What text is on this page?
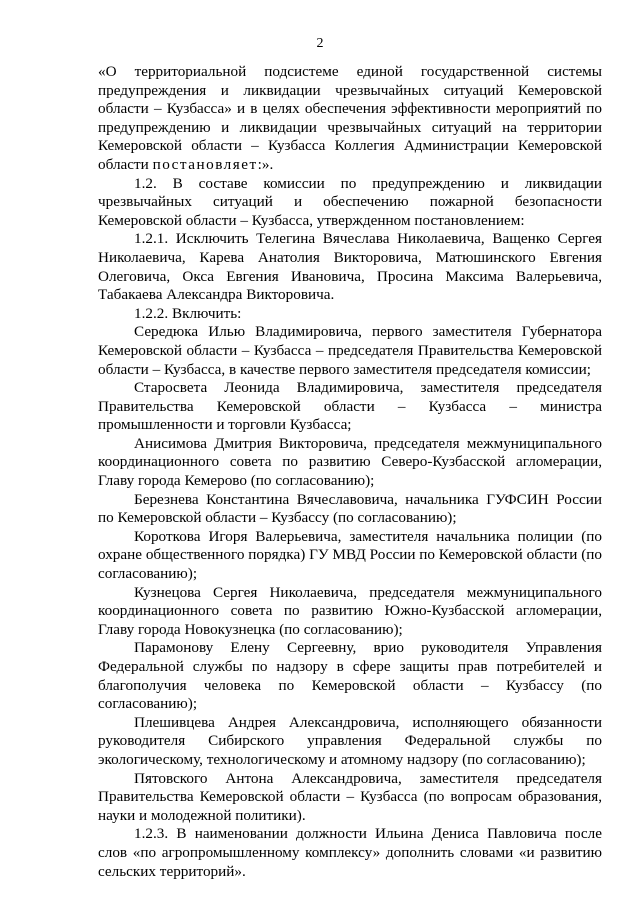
2

«О территориальной подсистеме единой государственной системы предупреждения и ликвидации чрезвычайных ситуаций Кемеровской области – Кузбасса» и в целях обеспечения эффективности мероприятий по предупреждению и ликвидации чрезвычайных ситуаций на территории Кемеровской области – Кузбасса Коллегия Администрации Кемеровской области постановляет:».

1.2. В составе комиссии по предупреждению и ликвидации чрезвычайных ситуаций и обеспечению пожарной безопасности Кемеровской области – Кузбасса, утвержденном постановлением:

1.2.1. Исключить Телегина Вячеслава Николаевича, Ващенко Сергея Николаевича, Карева Анатолия Викторовича, Матюшинского Евгения Олеговича, Окса Евгения Ивановича, Просина Максима Валерьевича, Табакаева Александра Викторовича.

1.2.2. Включить:

Середюка Илью Владимировича, первого заместителя Губернатора Кемеровской области – Кузбасса – председателя Правительства Кемеровской области – Кузбасса, в качестве первого заместителя председателя комиссии;

Старосвета Леонида Владимировича, заместителя председателя Правительства Кемеровской области – Кузбасса – министра промышленности и торговли Кузбасса;

Анисимова Дмитрия Викторовича, председателя межмуниципального координационного совета по развитию Северо-Кузбасской агломерации, Главу города Кемерово (по согласованию);

Березнева Константина Вячеславовича, начальника ГУФСИН России по Кемеровской области – Кузбассу (по согласованию);

Короткова Игоря Валерьевича, заместителя начальника полиции (по охране общественного порядка) ГУ МВД России по Кемеровской области (по согласованию);

Кузнецова Сергея Николаевича, председателя межмуниципального координационного совета по развитию Южно-Кузбасской агломерации, Главу города Новокузнецка (по согласованию);

Парамонову Елену Сергеевну, врио руководителя Управления Федеральной службы по надзору в сфере защиты прав потребителей и благополучия человека по Кемеровской области – Кузбассу (по согласованию);

Плешивцева Андрея Александровича, исполняющего обязанности руководителя Сибирского управления Федеральной службы по экологическому, технологическому и атомному надзору (по согласованию);

Пятовского Антона Александровича, заместителя председателя Правительства Кемеровской области – Кузбасса (по вопросам образования, науки и молодежной политики).

1.2.3. В наименовании должности Ильина Дениса Павловича после слов «по агропромышленному комплексу» дополнить словами «и развитию сельских территорий».
